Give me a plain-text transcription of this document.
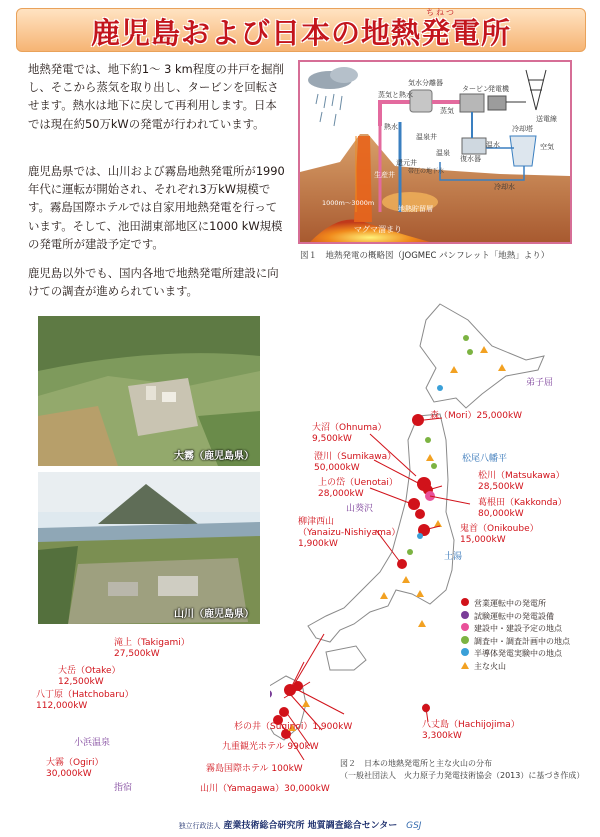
鹿児島および日本の地熱発電所
ちねつ
地熱発電では、地下約1〜 3 km程度の井戸を掘削し、そこから蒸気を取り出し、タービンを回転させます。熱水は地下に戻して再利用します。日本では現在約50万kWの発電が行われています。
鹿児島県では、山川および霧島地熱発電所が1990年代に運転が開始され、それぞれ3万kW規模です。霧島国際ホテルでは自家用地熱発電を行っています。そして、池田湖東部地区に1000 kW規模の発電所が建設予定です。
鹿児島以外でも、国内各地で地熱発電所建設に向けての調査が進められています。
気水分離器
蒸気と熱水
タービン
発電機
蒸気
送電線
熱水
温泉井
温泉
帯圧の地下水
復水器
冷却塔
空気
冷却水
温水
生産井
還元井
1000m〜3000m
地熱貯留層
マグマ溜まり
図１　地熱発電の概略図（JOGMEC パンフレット「地熱」より）
大霧（鹿児島県）
山川（鹿児島県）
森（Mori）25,000kW
弟子屈
大沼（Ohnuma）
9,500kW
澄川（Sumikawa）
50,000kW
松尾八幡平
松川（Matsukawa）
28,500kW
葛根田（Kakkonda）
80,000kW
上の岱（Uenotai）
28,000kW
山葵沢
鬼首（Onikoube）
15,000kW
柳津西山
（Yanaizu-Nishiyama）
1,900kW
土湯
滝上（Takigami）
27,500kW
大岳（Otake）
12,500kW
八丁原（Hatchobaru）
112,000kW
小浜温泉
大霧（Ogiri）
30,000kW
指宿
杉の井（Suginoi）1,900kW
九重観光ホテル 990kW
霧島国際ホテル 100kW
山川（Yamagawa）30,000kW
八丈島（Hachijojima）
3,300kW
営業運転中の発電所
試験運転中の発電設備
建設中・建設予定の地点
調査中・調査計画中の地点
半導体発電実験中の地点
主な火山
図２　日本の地熱発電所と主な火山の分布
（一般社団法人　火力原子力発電技術協会（2013）に基づき作成）
独立行政法人 産業技術総合研究所 地質調査総合センター GSJ
